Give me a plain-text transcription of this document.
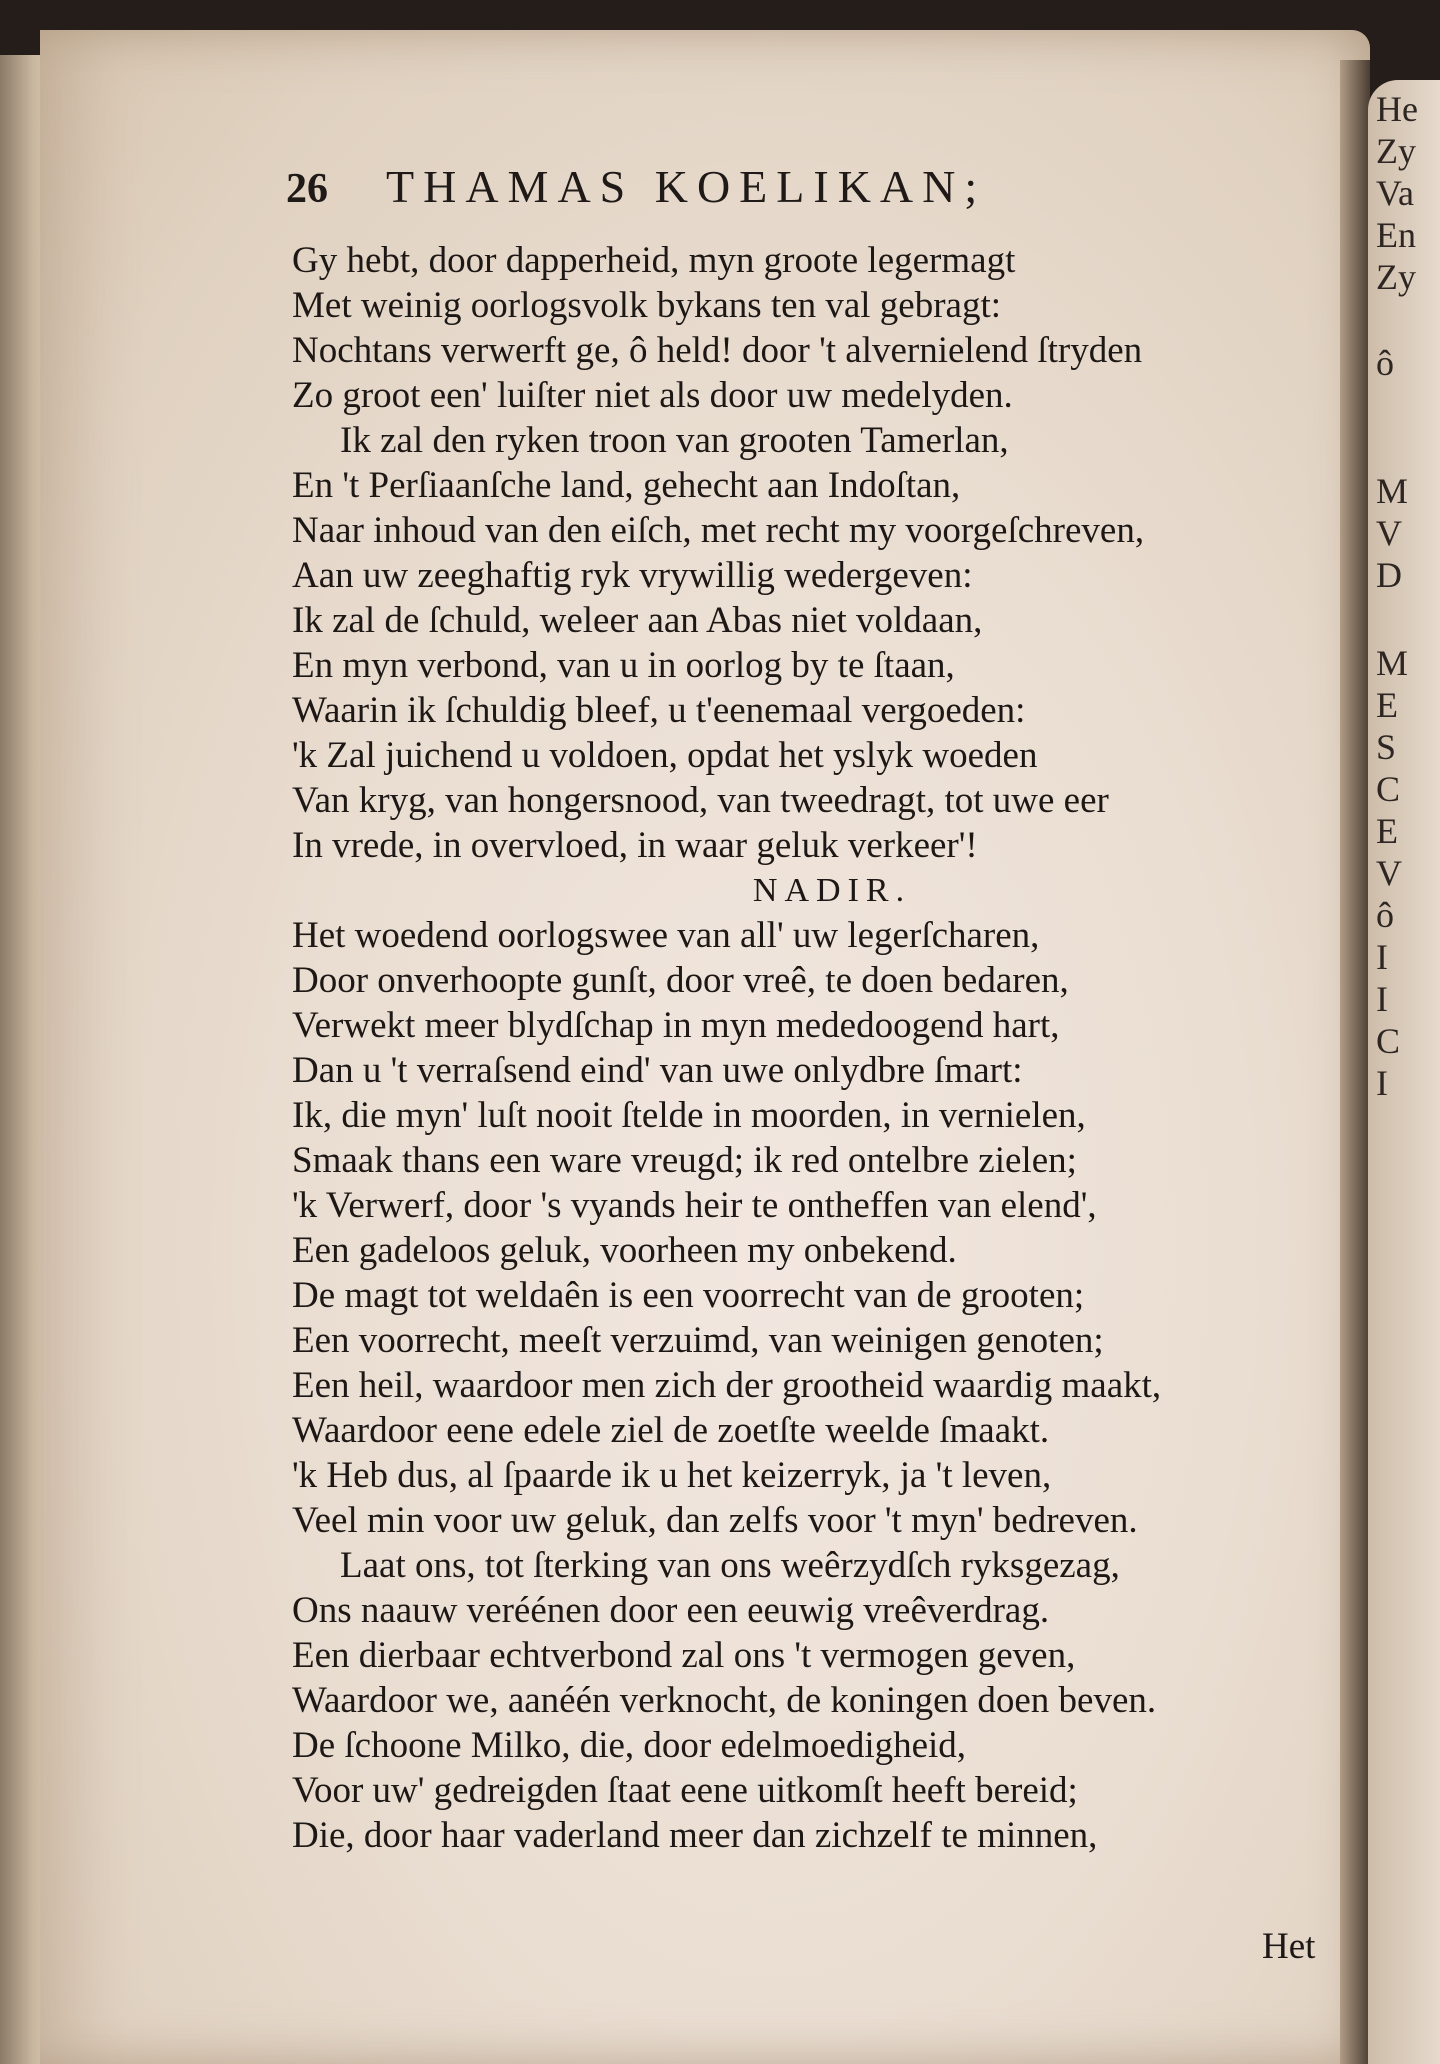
He
Zy
Va
En
Zy
ô
M
V
D
M
E
S
C
E
V
ô
I
I
C
I
26	THAMAS KOELIKAN;
Gy hebt, door dapperheid, myn groote legermagt
Met weinig oorlogsvolk bykans ten val gebragt:
Nochtans verwerft ge, ô held! door 't alvernielend ſtryden
Zo groot een' luiſter niet als door uw medelyden.
Ik zal den ryken troon van grooten Tamerlan,
En 't Perſiaanſche land, gehecht aan Indoſtan,
Naar inhoud van den eiſch, met recht my voorgeſchreven,
Aan uw zeeghaftig ryk vrywillig wedergeven:
Ik zal de ſchuld, weleer aan Abas niet voldaan,
En myn verbond, van u in oorlog by te ſtaan,
Waarin ik ſchuldig bleef, u t'eenemaal vergoeden:
'k Zal juichend u voldoen, opdat het yslyk woeden
Van kryg, van hongersnood, van tweedragt, tot uwe eer
In vrede, in overvloed, in waar geluk verkeer'!
NADIR.
Het woedend oorlogswee van all' uw legerſcharen,
Door onverhoopte gunſt, door vreê, te doen bedaren,
Verwekt meer blydſchap in myn mededoogend hart,
Dan u 't verraſsend eind' van uwe onlydbre ſmart:
Ik, die myn' luſt nooit ſtelde in moorden, in vernielen,
Smaak thans een ware vreugd; ik red ontelbre zielen;
'k Verwerf, door 's vyands heir te ontheffen van elend',
Een gadeloos geluk, voorheen my onbekend.
De magt tot weldaên is een voorrecht van de grooten;
Een voorrecht, meeſt verzuimd, van weinigen genoten;
Een heil, waardoor men zich der grootheid waardig maakt,
Waardoor eene edele ziel de zoetſte weelde ſmaakt.
'k Heb dus, al ſpaarde ik u het keizerryk, ja 't leven,
Veel min voor uw geluk, dan zelfs voor 't myn' bedreven.
Laat ons, tot ſterking van ons weêrzydſch ryksgezag,
Ons naauw veréénen door een eeuwig vreêverdrag.
Een dierbaar echtverbond zal ons 't vermogen geven,
Waardoor we, aanéén verknocht, de koningen doen beven.
De ſchoone Milko, die, door edelmoedigheid,
Voor uw' gedreigden ſtaat eene uitkomſt heeft bereid;
Die, door haar vaderland meer dan zichzelf te minnen,
Het
